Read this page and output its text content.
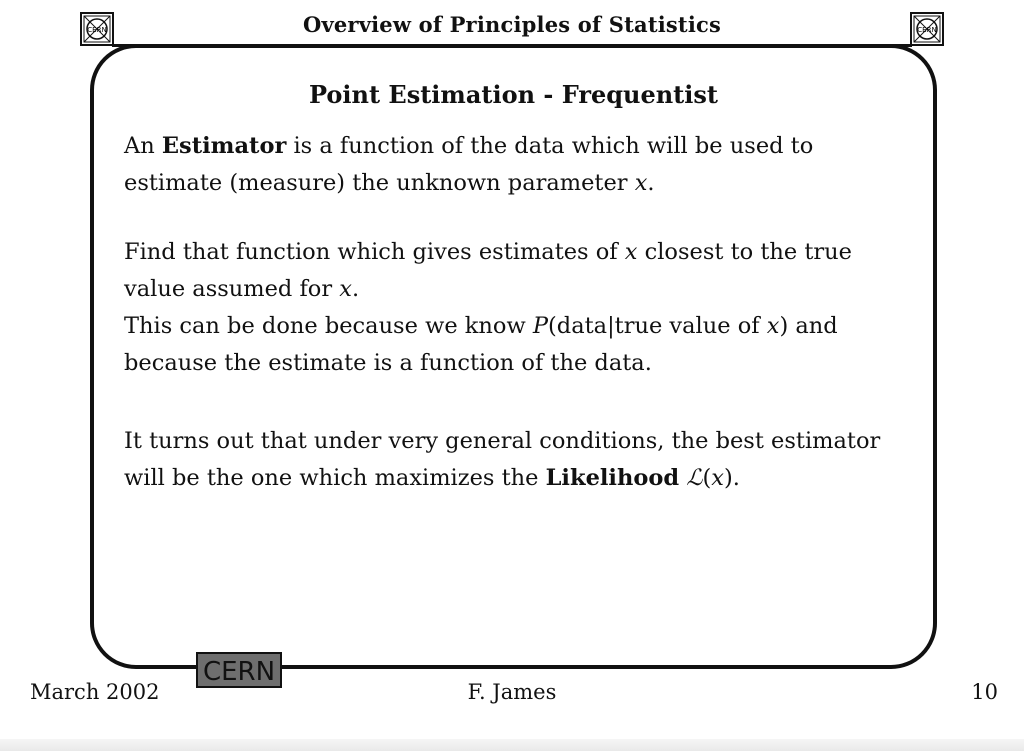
CERN	CERN
Overview of Principles of Statistics
Point Estimation - Frequentist

An Estimator is a function of the data which will be used to estimate (measure) the unknown parameter x.

Find that function which gives estimates of x closest to the true value assumed for x.
This can be done because we know P(data|true value of x) and because the estimate is a function of the data.

It turns out that under very general conditions, the best estimator will be the one which maximizes the Likelihood ℒ(x).

CERN
March 2002	F. James	10
